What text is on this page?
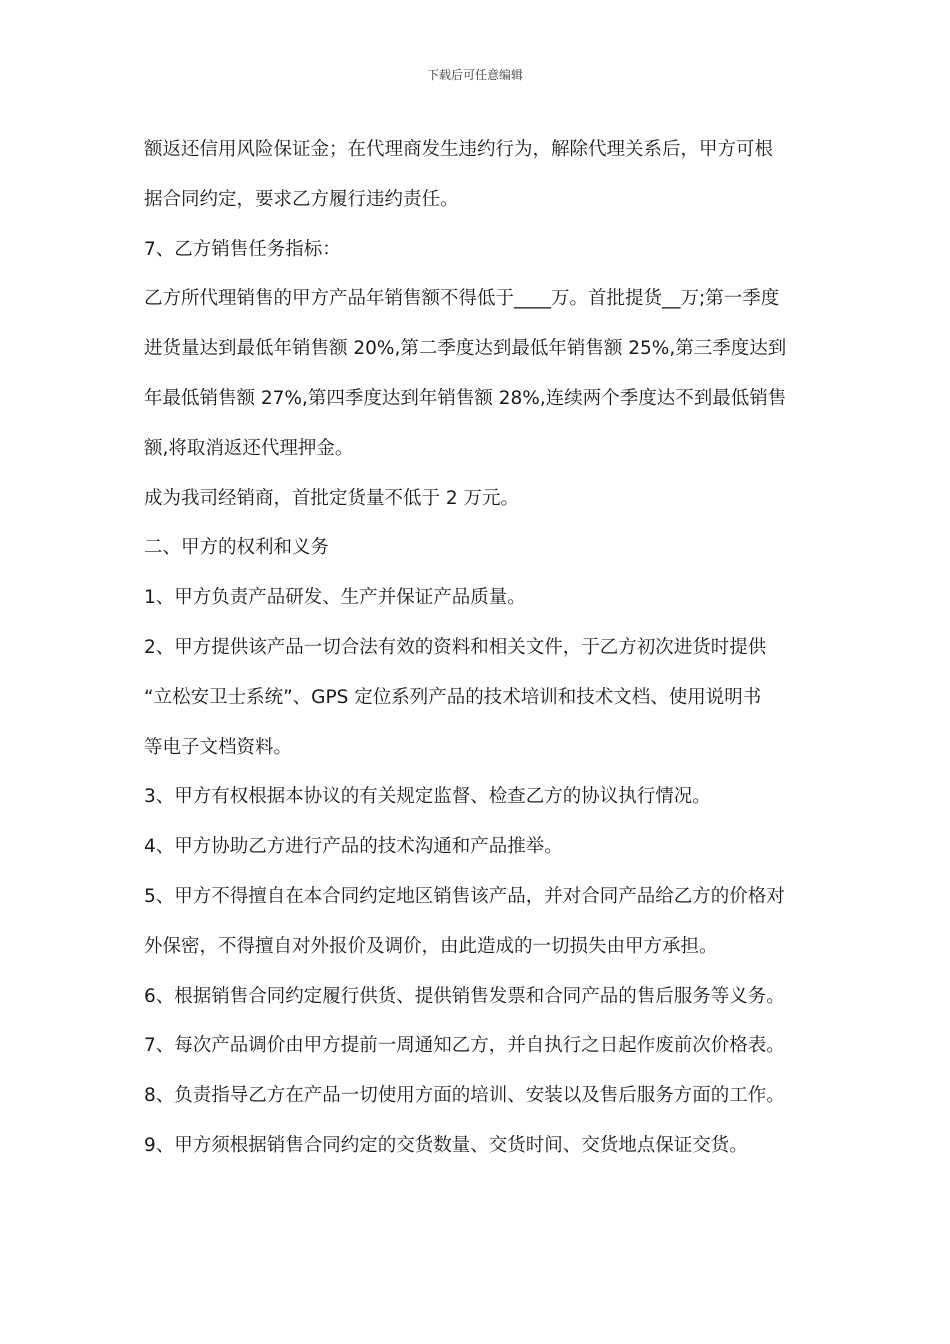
下载后可任意编辑
额返还信用风险保证金；在代理商发生违约行为，解除代理关系后，甲方可根
据合同约定，要求乙方履行违约责任。
7、乙方销售任务指标：
乙方所代理销售的甲方产品年销售额不得低于____万。首批提货__万;第一季度
进货量达到最低年销售额 20%,第二季度达到最低年销售额 25%,第三季度达到
年最低销售额 27%,第四季度达到年销售额 28%,连续两个季度达不到最低销售
额,将取消返还代理押金。
成为我司经销商，首批定货量不低于 2 万元。
二、甲方的权利和义务
1、甲方负责产品研发、生产并保证产品质量。
2、甲方提供该产品一切合法有效的资料和相关文件，于乙方初次进货时提供
“立松安卫士系统”、GPS 定位系列产品的技术培训和技术文档、使用说明书
等电子文档资料。
3、甲方有权根据本协议的有关规定监督、检查乙方的协议执行情况。
4、甲方协助乙方进行产品的技术沟通和产品推举。
5、甲方不得擅自在本合同约定地区销售该产品，并对合同产品给乙方的价格对
外保密，不得擅自对外报价及调价，由此造成的一切损失由甲方承担。
6、根据销售合同约定履行供货、提供销售发票和合同产品的售后服务等义务。
7、每次产品调价由甲方提前一周通知乙方，并自执行之日起作废前次价格表。
8、负责指导乙方在产品一切使用方面的培训、安装以及售后服务方面的工作。
9、甲方须根据销售合同约定的交货数量、交货时间、交货地点保证交货。
